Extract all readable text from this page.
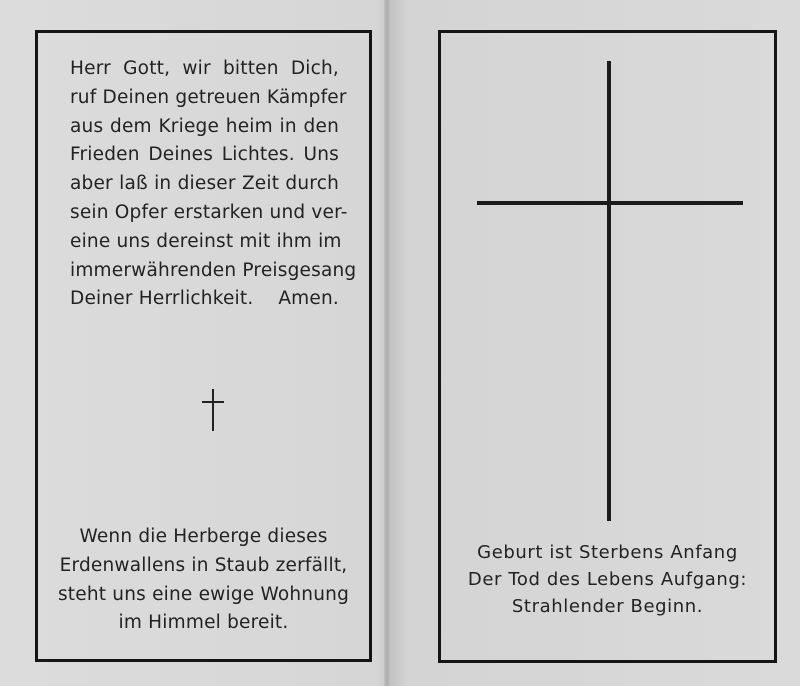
Herr Gott, wir bitten Dich,
ruf Deinen getreuen Kämpfer
aus dem Kriege heim in den
Frieden Deines Lichtes. Uns
aber laß in dieser Zeit durch
sein Opfer erstarken und ver-
eine uns dereinst mit ihm im
immerwährenden Preisgesang
Deiner Herrlichkeit. Amen.
Wenn die Herberge dieses
Erdenwallens in Staub zerfällt,
steht uns eine ewige Wohnung
im Himmel bereit.
Geburt ist Sterbens Anfang
Der Tod des Lebens Aufgang:
Strahlender Beginn.
